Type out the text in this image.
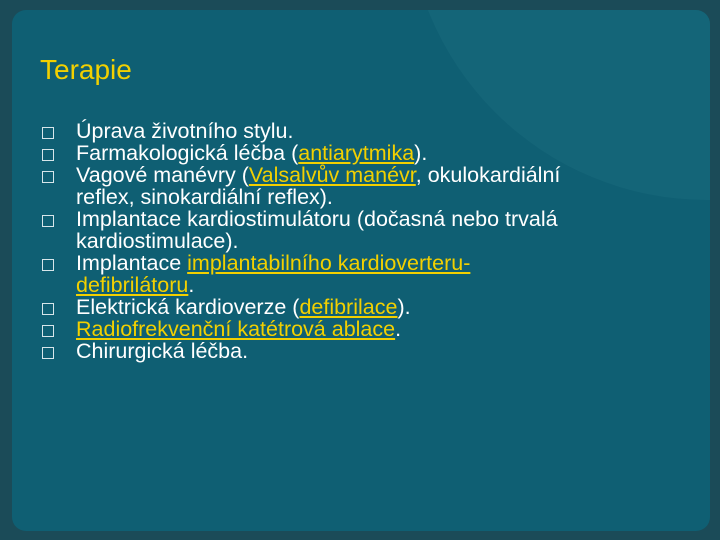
Terapie
Úprava životního stylu.
Farmakologická léčba (antiarytmika).
Vagové manévry (Valsalvův manévr, okulokardiální reflex, sinokardiální reflex).
Implantace kardiostimulátoru (dočasná nebo trvalá kardiostimulace).
Implantace implantabilního kardioverteru-defibrilátoru.
Elektrická kardioverze (defibrilace).
Radiofrekvenční katétrová ablace.
Chirurgická léčba.
